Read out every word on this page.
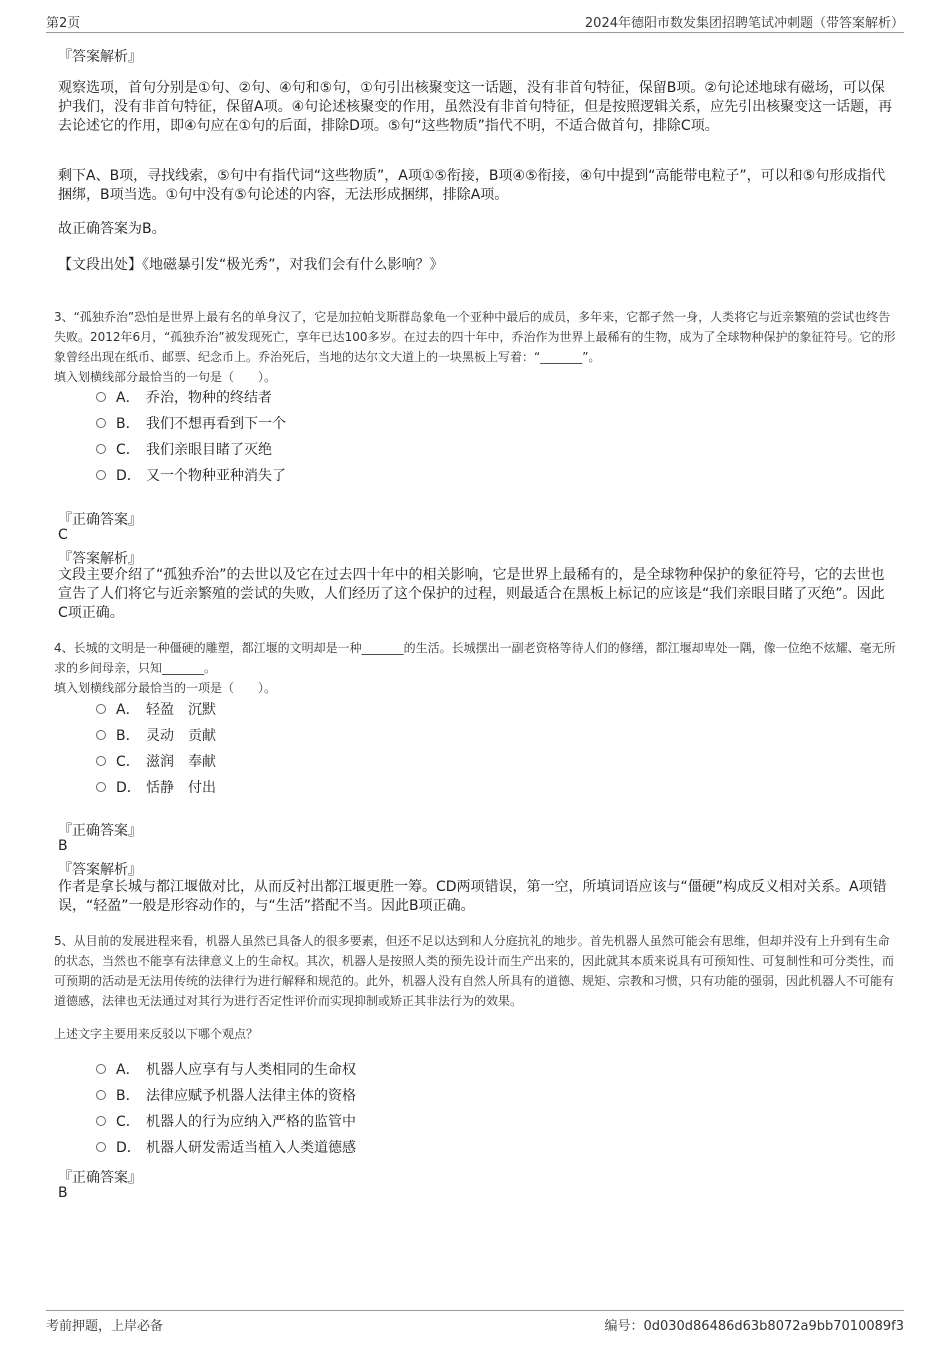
第2页	2024年德阳市数发集团招聘笔试冲刺题（带答案解析）
『答案解析』
观察选项，首句分别是①句、②句、④句和⑤句，①句引出核聚变这一话题，没有非首句特征，保留B项。②句论述地球有磁场，可以保护我们，没有非首句特征，保留A项。④句论述核聚变的作用，虽然没有非首句特征，但是按照逻辑关系，应先引出核聚变这一话题，再去论述它的作用，即④句应在①句的后面，排除D项。⑤句“这些物质”指代不明，不适合做首句，排除C项。
剩下A、B项，寻找线索，⑤句中有指代词“这些物质”，A项①⑤衔接，B项④⑤衔接，④句中提到“高能带电粒子”，可以和⑤句形成指代捆绑，B项当选。①句中没有⑤句论述的内容，无法形成捆绑，排除A项。
故正确答案为B。
【文段出处】《地磁暴引发“极光秀”，对我们会有什么影响？》
3、“孤独乔治”恐怕是世界上最有名的单身汉了，它是加拉帕戈斯群岛象龟一个亚种中最后的成员，多年来，它都孑然一身，人类将它与近亲繁殖的尝试也终告失败。2012年6月，“孤独乔治”被发现死亡，享年已达100多岁。在过去的四十年中，乔治作为世界上最稀有的生物，成为了全球物种保护的象征符号。它的形象曾经出现在纸币、邮票、纪念币上。乔治死后，当地的达尔文大道上的一块黑板上写着：“_______”。
填入划横线部分最恰当的一句是（　　）。
A． 乔治，物种的终结者
B． 我们不想再看到下一个
C． 我们亲眼目睹了灭绝
D． 又一个物种亚种消失了
『正确答案』
C
『答案解析』
文段主要介绍了“孤独乔治”的去世以及它在过去四十年中的相关影响，它是世界上最稀有的，是全球物种保护的象征符号，它的去世也宣告了人们将它与近亲繁殖的尝试的失败，人们经历了这个保护的过程，则最适合在黑板上标记的应该是“我们亲眼目睹了灭绝”。因此C项正确。
4、长城的文明是一种僵硬的雕塑，都江堰的文明却是一种_______的生活。长城摆出一副老资格等待人们的修缮，都江堰却卑处一隅，像一位绝不炫耀、毫无所求的乡间母亲，只知_______。
填入划横线部分最恰当的一项是（　　）。
A． 轻盈　沉默
B． 灵动　贡献
C． 滋润　奉献
D． 恬静　付出
『正确答案』
B
『答案解析』
作者是拿长城与都江堰做对比，从而反衬出都江堰更胜一筹。CD两项错误，第一空，所填词语应该与“僵硬”构成反义相对关系。A项错误，“轻盈”一般是形容动作的，与“生活”搭配不当。因此B项正确。
5、从目前的发展进程来看，机器人虽然已具备人的很多要素，但还不足以达到和人分庭抗礼的地步。首先机器人虽然可能会有思维，但却并没有上升到有生命的状态，当然也不能享有法律意义上的生命权。其次，机器人是按照人类的预先设计而生产出来的，因此就其本质来说具有可预知性、可复制性和可分类性，而可预期的活动是无法用传统的法律行为进行解释和规范的。此外，机器人没有自然人所具有的道德、规矩、宗教和习惯，只有功能的强弱，因此机器人不可能有道德感，法律也无法通过对其行为进行否定性评价而实现抑制或矫正其非法行为的效果。
上述文字主要用来反驳以下哪个观点？
A． 机器人应享有与人类相同的生命权
B． 法律应赋予机器人法律主体的资格
C． 机器人的行为应纳入严格的监管中
D． 机器人研发需适当植入人类道德感
『正确答案』
B
考前押题，上岸必备	编号：0d030d86486d63b8072a9bb7010089f3
